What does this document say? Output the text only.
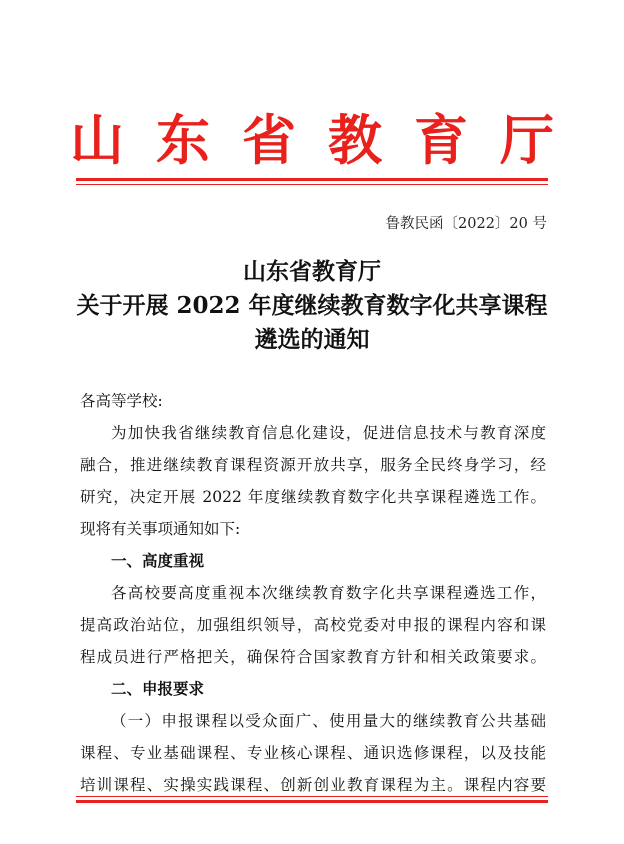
山东省教育厅
鲁教民函〔2022〕20 号
山东省教育厅
关于开展 2022 年度继续教育数字化共享课程
遴选的通知
各高等学校:
为加快我省继续教育信息化建设，促进信息技术与教育深度
融合，推进继续教育课程资源开放共享，服务全民终身学习，经
研究，决定开展 2022 年度继续教育数字化共享课程遴选工作。
现将有关事项通知如下:
一、高度重视
各高校要高度重视本次继续教育数字化共享课程遴选工作，
提高政治站位，加强组织领导，高校党委对申报的课程内容和课
程成员进行严格把关，确保符合国家教育方针和相关政策要求。
二、申报要求
（一）申报课程以受众面广、使用量大的继续教育公共基础
课程、专业基础课程、专业核心课程、通识选修课程，以及技能
培训课程、实操实践课程、创新创业教育课程为主。课程内容要
